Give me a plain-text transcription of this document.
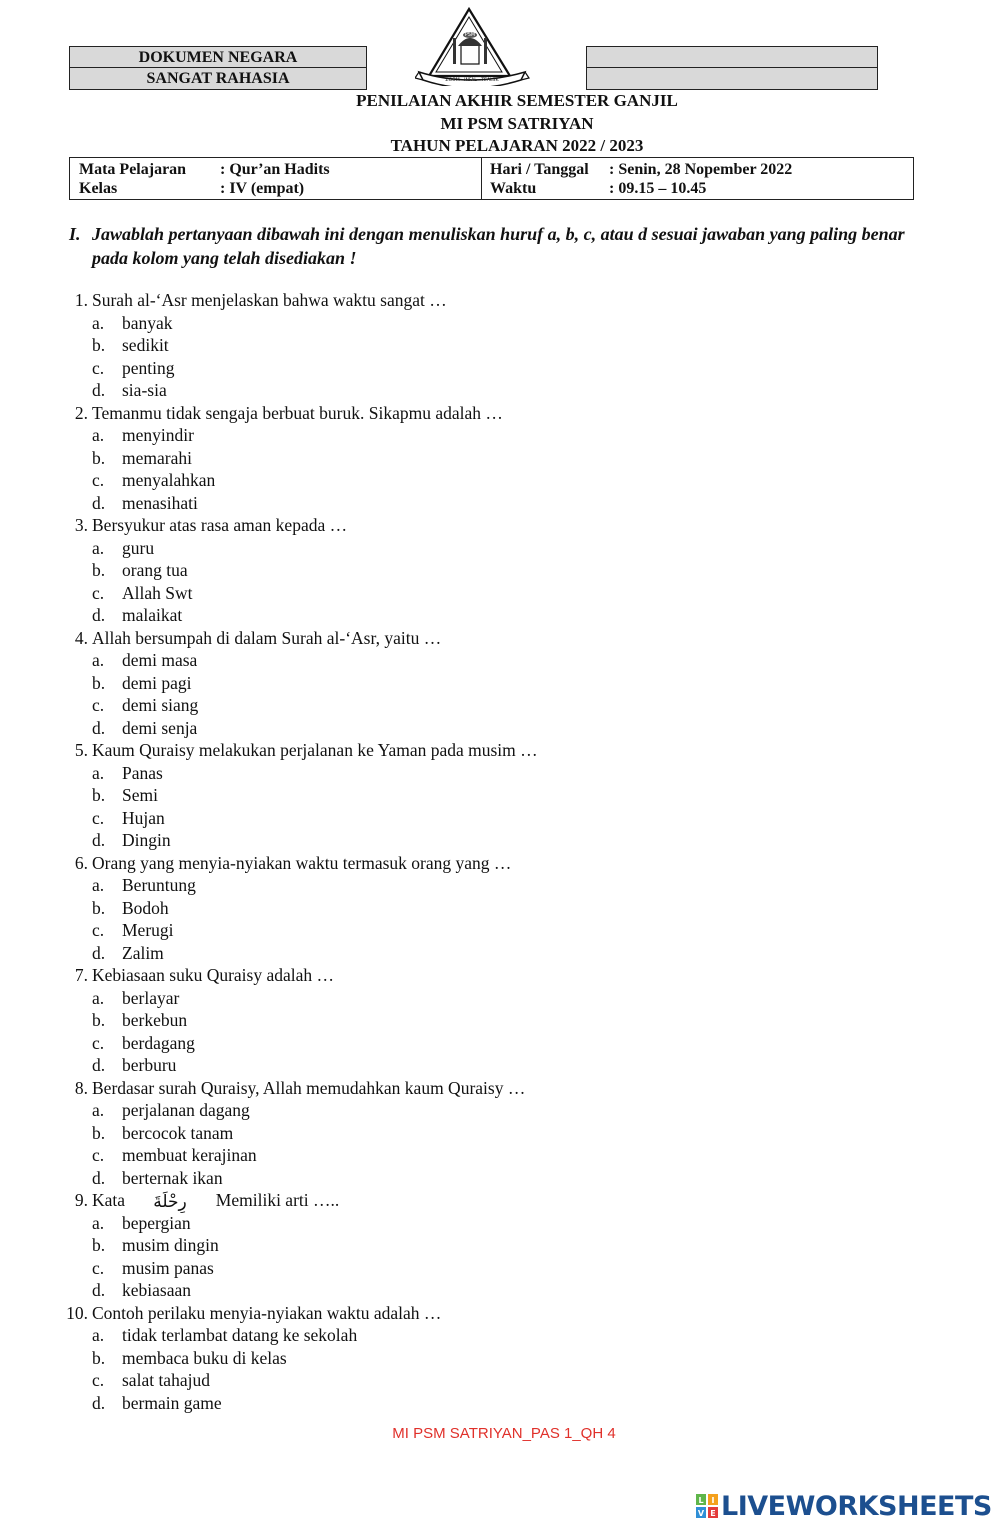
DOKUMEN NEGARA
SANGAT RAHASIA
PSM
ZOOM · INFAL · TEALSK
PENILAIAN AKHIR SEMESTER GANJIL
MI PSM SATRIYAN
TAHUN PELAJARAN 2022 / 2023
Mata Pelajaran : Qur’an Hadits
Kelas	: IV (empat)
Hari / Tanggal : Senin, 28 Nopember 2022
Waktu	: 09.15 – 10.45
I. Jawablah pertanyaan dibawah ini dengan menuliskan huruf a, b, c, atau d sesuai jawaban yang paling benar pada kolom yang telah disediakan !
1. Surah al-‘Asr menjelaskan bahwa waktu sangat …
a. banyak
b. sedikit
c. penting
d. sia-sia
2. Temanmu tidak sengaja berbuat buruk. Sikapmu adalah …
a. menyindir
b. memarahi
c. menyalahkan
d. menasihati
3. Bersyukur atas rasa aman kepada …
a. guru
b. orang tua
c. Allah Swt
d. malaikat
4. Allah bersumpah di dalam Surah al-‘Asr, yaitu …
a. demi masa
b. demi pagi
c. demi siang
d. demi senja
5. Kaum Quraisy melakukan perjalanan ke Yaman pada musim …
a. Panas
b. Semi
c. Hujan
d. Dingin
6. Orang yang menyia-nyiakan waktu termasuk orang yang …
a. Beruntung
b. Bodoh
c. Merugi
d. Zalim
7. Kebiasaan suku Quraisy adalah …
a. berlayar
b. berkebun
c. berdagang
d. berburu
8. Berdasar surah Quraisy, Allah memudahkan kaum Quraisy …
a. perjalanan dagang
b. bercocok tanam
c. membuat kerajinan
d. berternak ikan
9. Kata رِحْلَةَ Memiliki arti …..
a. bepergian
b. musim dingin
c. musim panas
d. kebiasaan
10. Contoh perilaku menyia-nyiakan waktu adalah …
a. tidak terlambat datang ke sekolah
b. membaca buku di kelas
c. salat tahajud
d. bermain game
MI PSM SATRIYAN_PAS 1_QH 4
L I
V E LIVEWORKSHEETS
